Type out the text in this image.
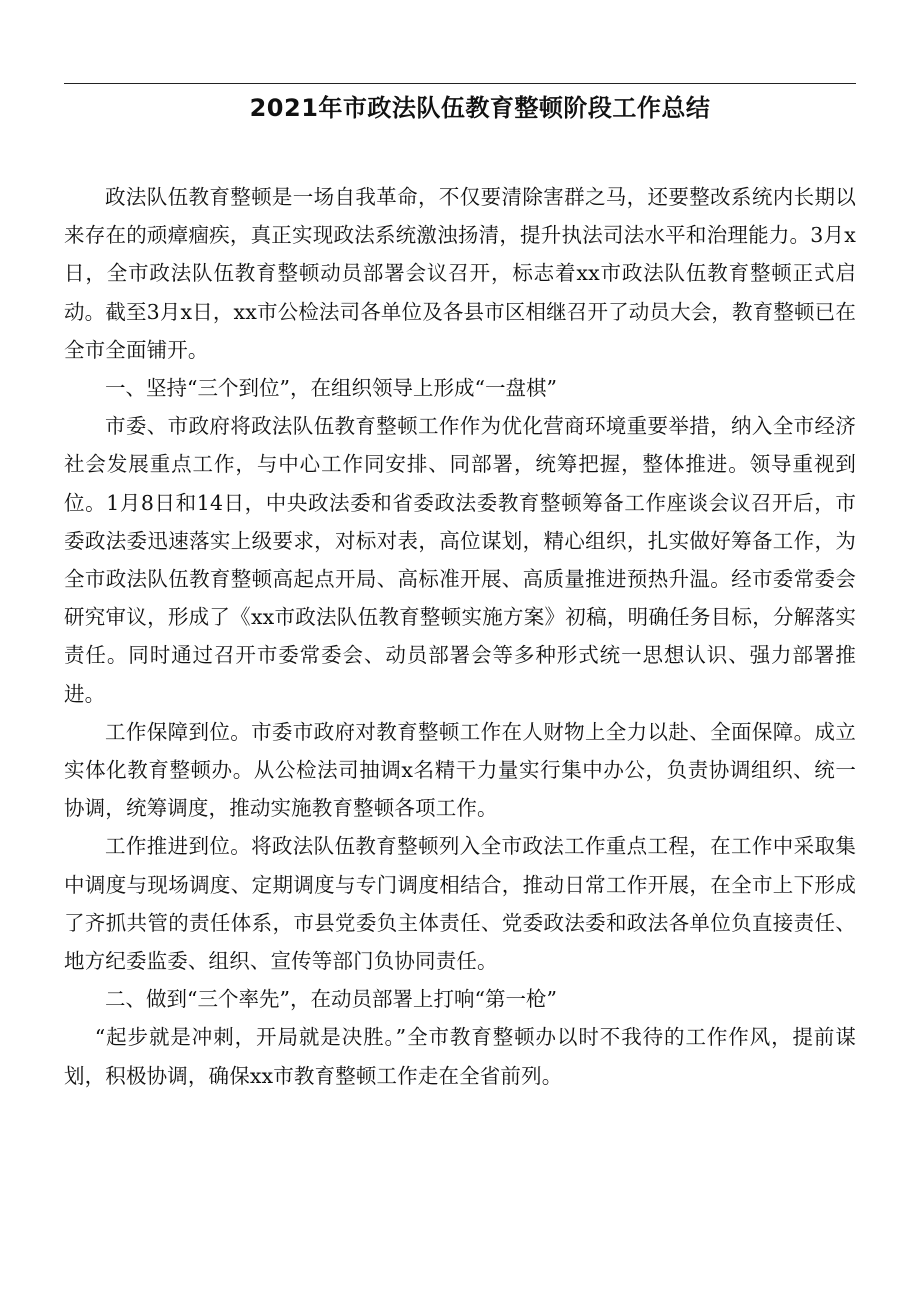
2021年市政法队伍教育整顿阶段工作总结

政法队伍教育整顿是一场自我革命，不仅要清除害群之马，还要整改系统内长期以来存在的顽瘴痼疾，真正实现政法系统激浊扬清，提升执法司法水平和治理能力。3月x日，全市政法队伍教育整顿动员部署会议召开，标志着xx市政法队伍教育整顿正式启动。截至3月x日，xx市公检法司各单位及各县市区相继召开了动员大会，教育整顿已在全市全面铺开。

一、坚持“三个到位”，在组织领导上形成“一盘棋”

市委、市政府将政法队伍教育整顿工作作为优化营商环境重要举措，纳入全市经济社会发展重点工作，与中心工作同安排、同部署，统筹把握，整体推进。领导重视到位。1月8日和14日，中央政法委和省委政法委教育整顿筹备工作座谈会议召开后，市委政法委迅速落实上级要求，对标对表，高位谋划，精心组织，扎实做好筹备工作，为全市政法队伍教育整顿高起点开局、高标准开展、高质量推进预热升温。经市委常委会研究审议，形成了《xx市政法队伍教育整顿实施方案》初稿，明确任务目标，分解落实责任。同时通过召开市委常委会、动员部署会等多种形式统一思想认识、强力部署推进。

工作保障到位。市委市政府对教育整顿工作在人财物上全力以赴、全面保障。成立实体化教育整顿办。从公检法司抽调x名精干力量实行集中办公，负责协调组织、统一协调，统筹调度，推动实施教育整顿各项工作。

工作推进到位。将政法队伍教育整顿列入全市政法工作重点工程，在工作中采取集中调度与现场调度、定期调度与专门调度相结合，推动日常工作开展，在全市上下形成了齐抓共管的责任体系，市县党委负主体责任、党委政法委和政法各单位负直接责任、地方纪委监委、组织、宣传等部门负协同责任。

二、做到“三个率先”，在动员部署上打响“第一枪”

“起步就是冲刺，开局就是决胜。”全市教育整顿办以时不我待的工作作风，提前谋划，积极协调，确保xx市教育整顿工作走在全省前列。
